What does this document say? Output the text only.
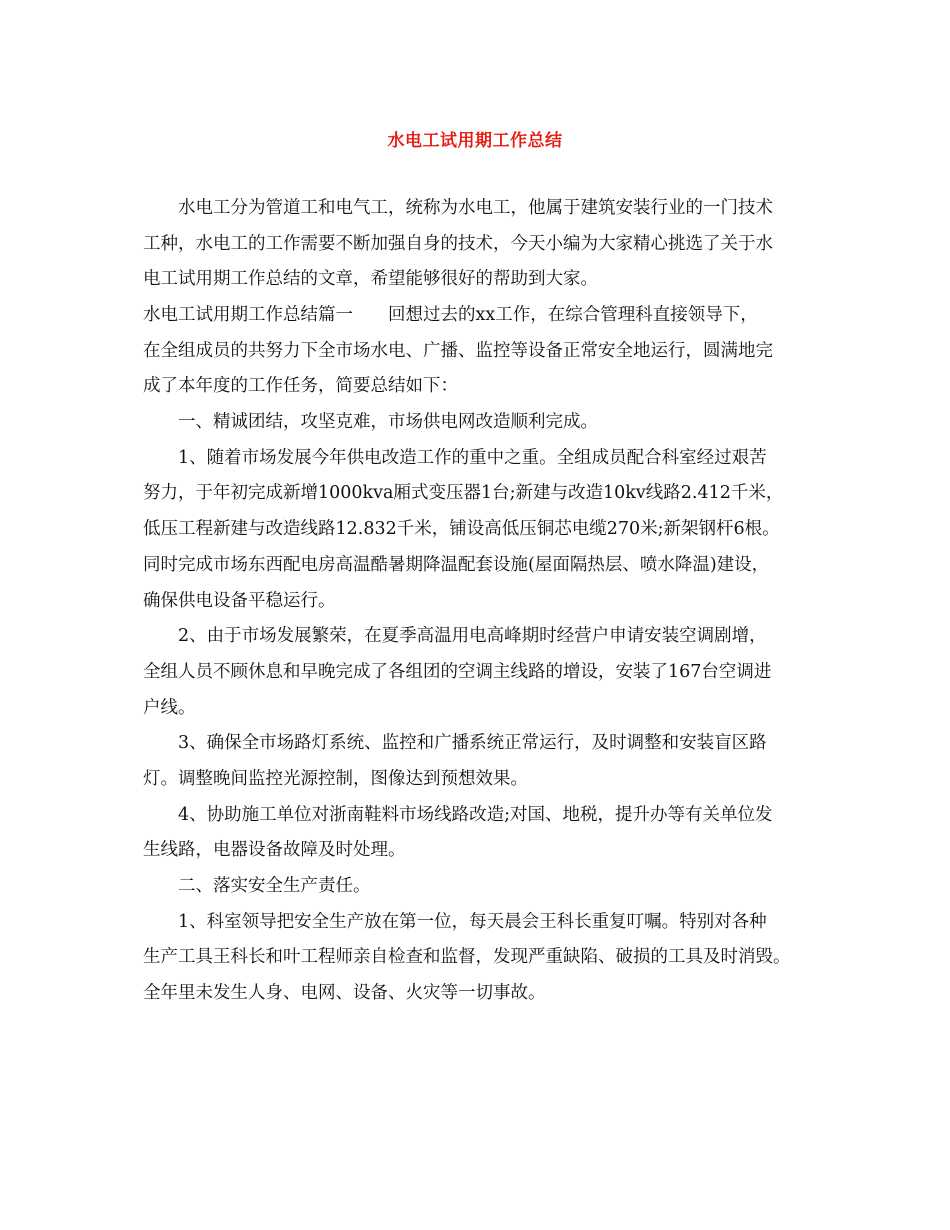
水电工试用期工作总结
水电工分为管道工和电气工，统称为水电工，他属于建筑安装行业的一门技术
工种，水电工的工作需要不断加强自身的技术，今天小编为大家精心挑选了关于水
电工试用期工作总结的文章，希望能够很好的帮助到大家。
水电工试用期工作总结篇一　　回想过去的xx工作，在综合管理科直接领导下，
在全组成员的共努力下全市场水电、广播、监控等设备正常安全地运行，圆满地完
成了本年度的工作任务，简要总结如下：
一、精诚团结，攻坚克难，市场供电网改造顺利完成。
1、随着市场发展今年供电改造工作的重中之重。全组成员配合科室经过艰苦
努力，于年初完成新增1000kva厢式变压器1台;新建与改造10kv线路2.412千米，
低压工程新建与改造线路12.832千米，铺设高低压铜芯电缆270米;新架钢杆6根。
同时完成市场东西配电房高温酷暑期降温配套设施(屋面隔热层、喷水降温)建设，
确保供电设备平稳运行。
2、由于市场发展繁荣，在夏季高温用电高峰期时经营户申请安装空调剧增，
全组人员不顾休息和早晚完成了各组团的空调主线路的增设，安装了167台空调进
户线。
3、确保全市场路灯系统、监控和广播系统正常运行，及时调整和安装盲区路
灯。调整晚间监控光源控制，图像达到预想效果。
4、协助施工单位对浙南鞋料市场线路改造;对国、地税，提升办等有关单位发
生线路，电器设备故障及时处理。
二、落实安全生产责任。
1、科室领导把安全生产放在第一位，每天晨会王科长重复叮嘱。特别对各种
生产工具王科长和叶工程师亲自检查和监督，发现严重缺陷、破损的工具及时消毁。
全年里未发生人身、电网、设备、火灾等一切事故。
